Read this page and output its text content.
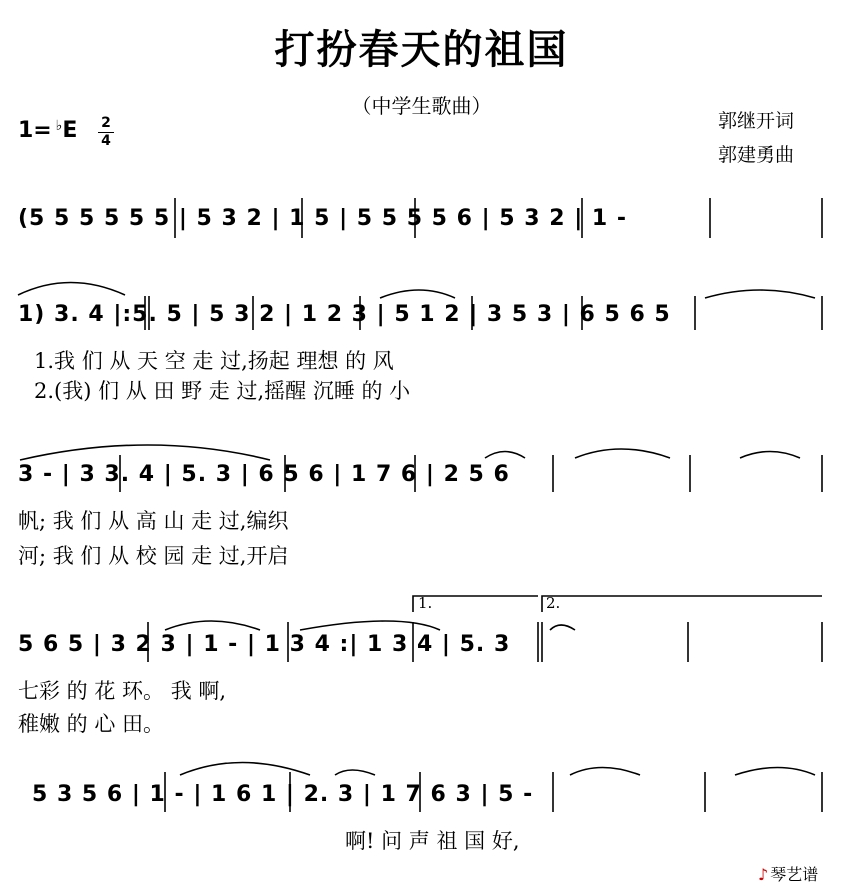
打扮春天的祖国
（中学生歌曲）
郭继开词
郭建勇曲
1= ♭E 2
4
(5 5 5 5 5 5 | 5 3 2 | 1 5 | 5 5 5 5 6 | 5 3 2 | 1 -
1) 3. 4 |:5. 5 | 5 3 2 | 1 2 3 | 5 1 2 | 3 5 3 | 6 5 6 5
1.我 们 从 天 空 走 过,扬起 理想 的 风
2.(我) 们 从 田 野 走 过,摇醒 沉睡 的 小
3 - | 3 3. 4 | 5. 3 | 6 5 6 | 1 7 6 | 2 5 6
帆; 我 们 从 高 山 走 过,编织
河; 我 们 从 校 园 走 过,开启
1.	2.
5 6 5 | 3 2 3 | 1 - | 1 3 4 :| 1 3 4 | 5. 3
七彩 的 花 环。 我 啊,
稚嫩 的 心 田。
5 3 5 6 | 1 - | 1 6 1 | 2. 3 | 1 7 6 3 | 5 -
啊! 问 声 祖 国 好,
♪ 琴艺谱
